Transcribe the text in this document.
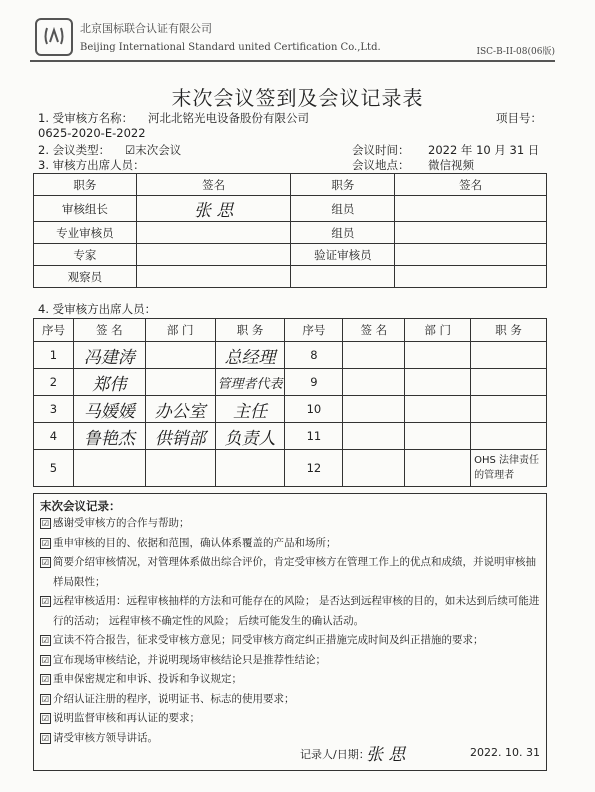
北京国标联合认证有限公司
Beijing International Standard united Certification Co.,Ltd.	ISC-B-II-08(06版)
末次会议签到及会议记录表
1. 受审核方名称： 河北北铭光电设备股份有限公司	项目号：
0625-2020-E-2022
2. 会议类型： ☑末次会议	会议时间： 2022 年 10 月 31 日
3. 审核方出席人员：	会议地点： 微信视频
职务	签名	职务	签名
审核组长	张 思	组员	
专业审核员		组员	
专家		验证审核员	
观察员			
4. 受审核方出席人员：
序号	签 名	部 门	职 务	序号	签 名	部 门	职 务
1	冯建涛		总经理	8			
2	郑伟		管理者代表	9			
3	马媛媛	办公室	主任	10			
4	鲁艳杰	供销部	负责人	11			
5				12			OHS 法律责任的管理者
末次会议记录：
☑ 感谢受审核方的合作与帮助；
☑ 重申审核的目的、依据和范围，确认体系覆盖的产品和场所；
☑ 简要介绍审核情况，对管理体系做出综合评价，肯定受审核方在管理工作上的优点和成绩，并说明审核抽样局限性；
☑ 远程审核适用：远程审核抽样的方法和可能存在的风险； 是否达到远程审核的目的，如未达到后续可能进行的活动； 远程审核不确定性的风险； 后续可能发生的确认活动。
☑ 宣读不符合报告，征求受审核方意见；同受审核方商定纠正措施完成时间及纠正措施的要求；
☑ 宣布现场审核结论，并说明现场审核结论只是推荐性结论；
☑ 重申保密规定和申诉、投诉和争议规定；
☑ 介绍认证注册的程序，说明证书、标志的使用要求；
☑ 说明监督审核和再认证的要求；
☑ 请受审核方领导讲话。
记录人/日期：
张 思	2022. 10. 31
